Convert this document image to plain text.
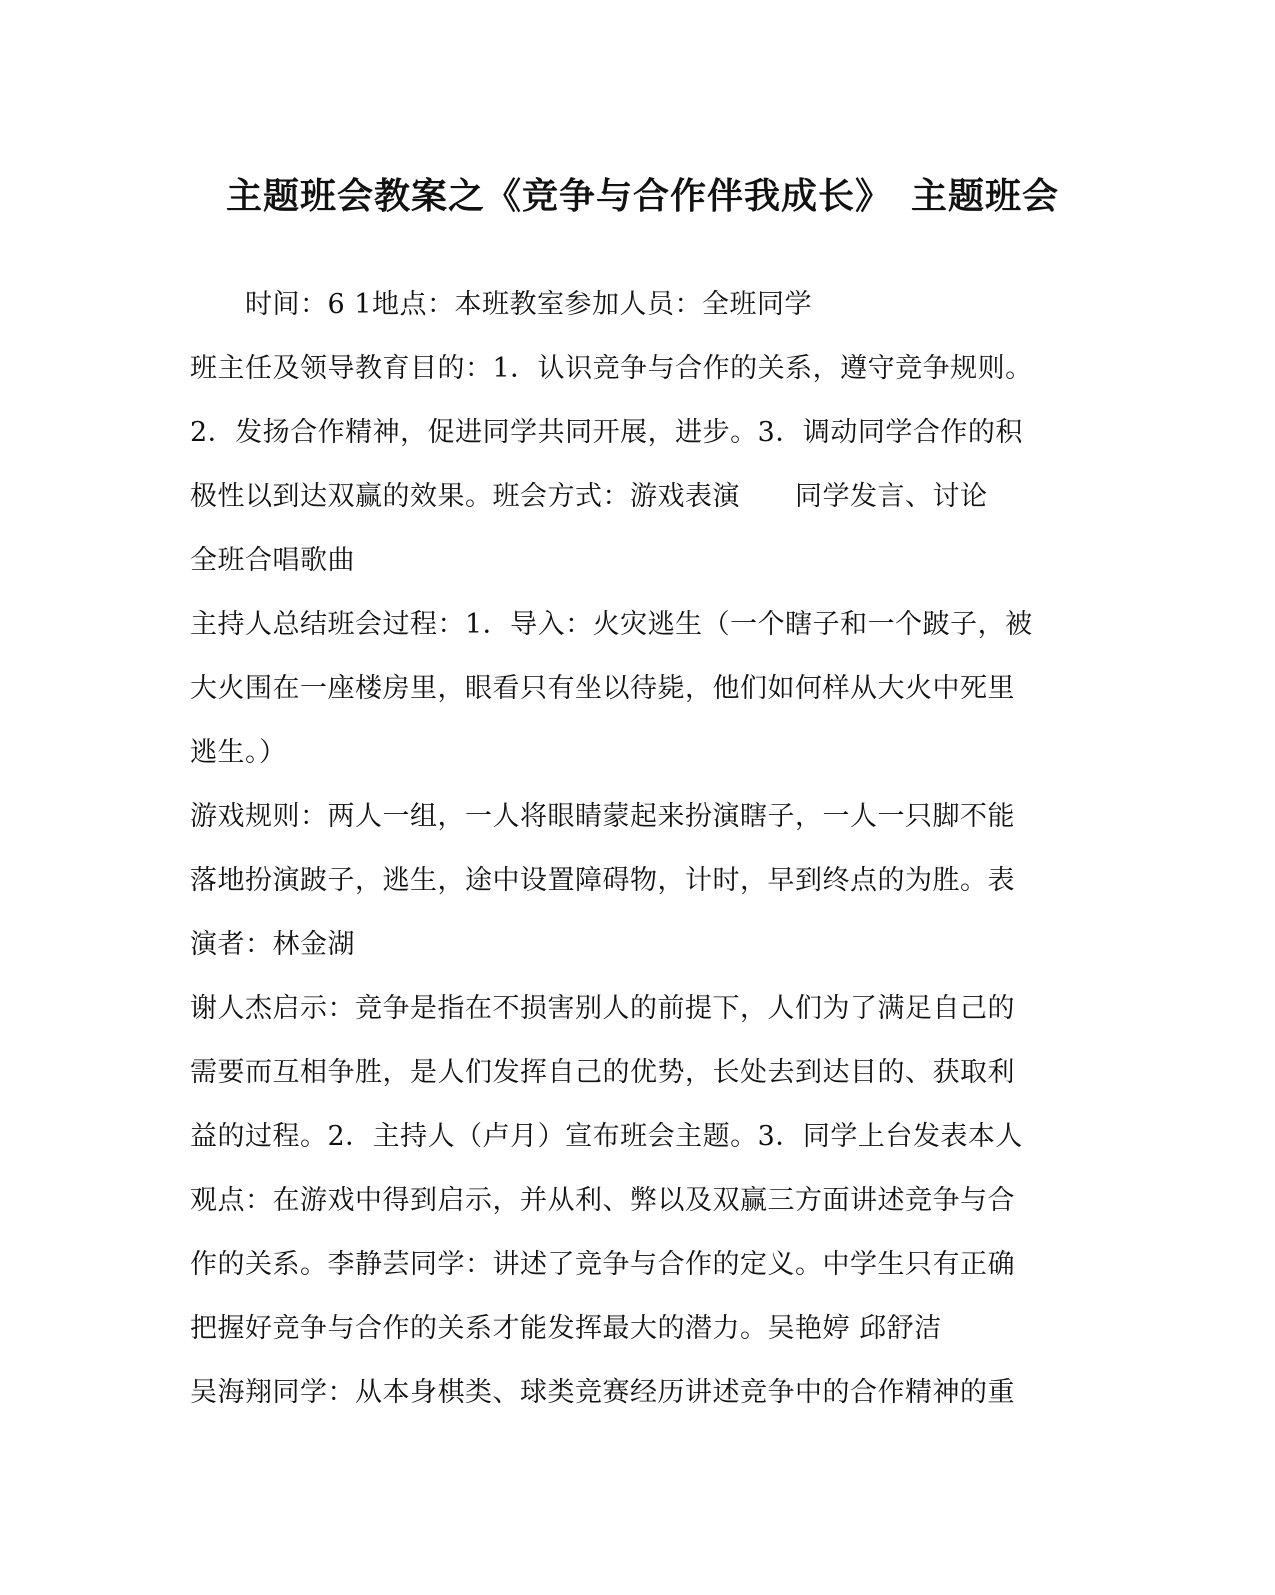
主题班会教案之《竞争与合作伴我成长》　主题班会

　　时间：6 1地点：本班教室参加人员：全班同学

班主任及领导教育目的：1．认识竞争与合作的关系，遵守竞争规则。

2．发扬合作精神，促进同学共同开展，进步。3．调动同学合作的积

极性以到达双赢的效果。班会方式：游戏表演　　同学发言、讨论

全班合唱歌曲

主持人总结班会过程：1．导入：火灾逃生（一个瞎子和一个跛子，被

大火围在一座楼房里，眼看只有坐以待毙，他们如何样从大火中死里

逃生。）

游戏规则：两人一组，一人将眼睛蒙起来扮演瞎子，一人一只脚不能

落地扮演跛子，逃生，途中设置障碍物，计时，早到终点的为胜。表

演者：林金湖

谢人杰启示：竞争是指在不损害别人的前提下，人们为了满足自己的

需要而互相争胜，是人们发挥自己的优势，长处去到达目的、获取利

益的过程。2．主持人（卢月）宣布班会主题。3．同学上台发表本人

观点：在游戏中得到启示，并从利、弊以及双赢三方面讲述竞争与合

作的关系。李静芸同学：讲述了竞争与合作的定义。中学生只有正确

把握好竞争与合作的关系才能发挥最大的潜力。吴艳婷 邱舒洁

吴海翔同学：从本身棋类、球类竞赛经历讲述竞争中的合作精神的重
